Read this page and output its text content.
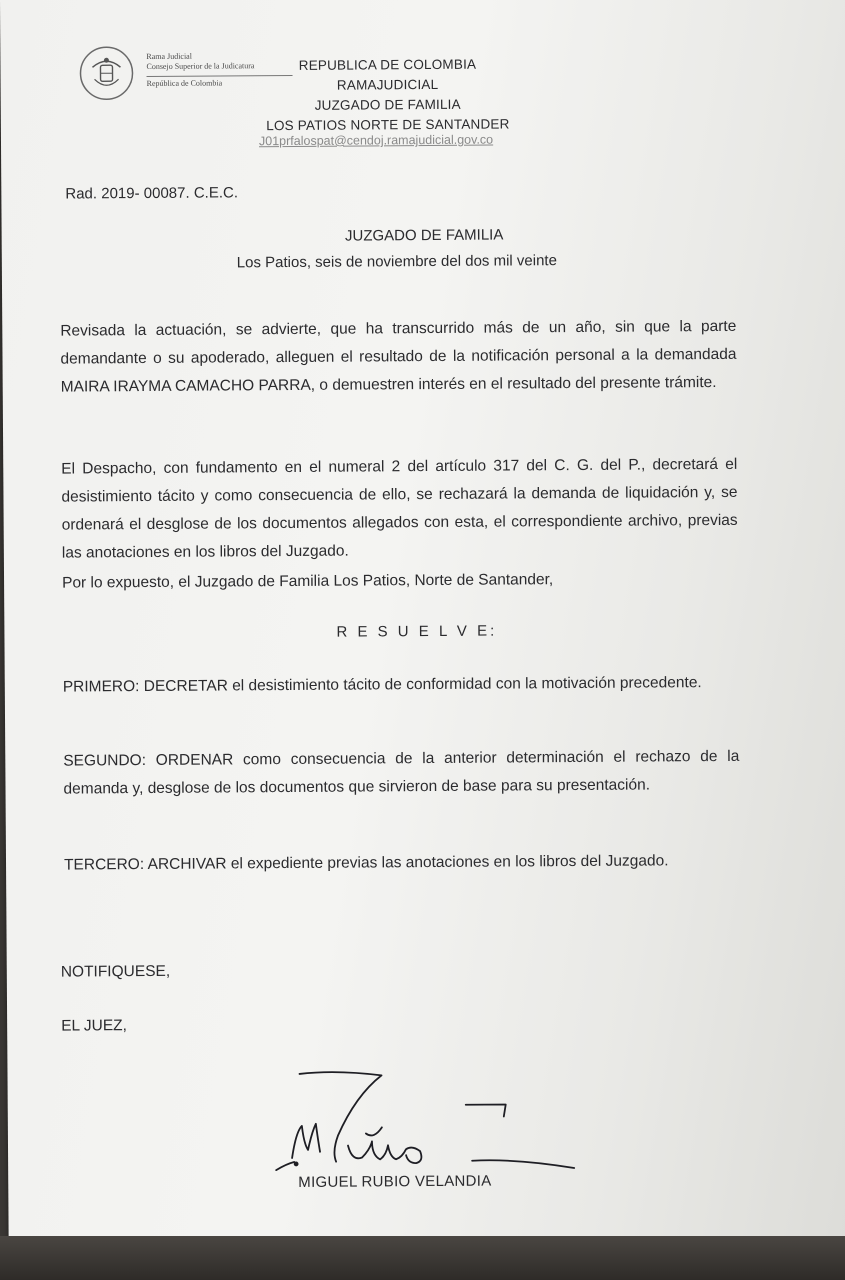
Rama Judicial
Consejo Superior de la Judicatura
República de Colombia
REPUBLICA DE COLOMBIA
RAMAJUDICIAL
JUZGADO DE FAMILIA
LOS PATIOS NORTE DE SANTANDER
J01prfalospat@cendoj.ramajudicial.gov.co
Rad. 2019- 00087. C.E.C.
JUZGADO DE FAMILIA
Los Patios, seis de noviembre del dos mil veinte
Revisada la actuación, se advierte, que ha transcurrido más de un año, sin que la parte demandante o su apoderado, alleguen el resultado de la notificación personal a la demandada MAIRA IRAYMA CAMACHO PARRA, o demuestren interés en el resultado del presente trámite.
El Despacho, con fundamento en el numeral 2 del artículo 317 del C. G. del P., decretará el desistimiento tácito y como consecuencia de ello, se rechazará la demanda de liquidación y, se ordenará el desglose de los documentos allegados con esta, el correspondiente archivo, previas las anotaciones en los libros del Juzgado.
Por lo expuesto, el Juzgado de Familia Los Patios, Norte de Santander,
R E S U E L V E:
PRIMERO: DECRETAR el desistimiento tácito de conformidad con la motivación precedente.
SEGUNDO: ORDENAR como consecuencia de la anterior determinación el rechazo de la demanda y, desglose de los documentos que sirvieron de base para su presentación.
TERCERO: ARCHIVAR el expediente previas las anotaciones en los libros del Juzgado.
NOTIFIQUESE,
EL JUEZ,
MIGUEL RUBIO VELANDIA
